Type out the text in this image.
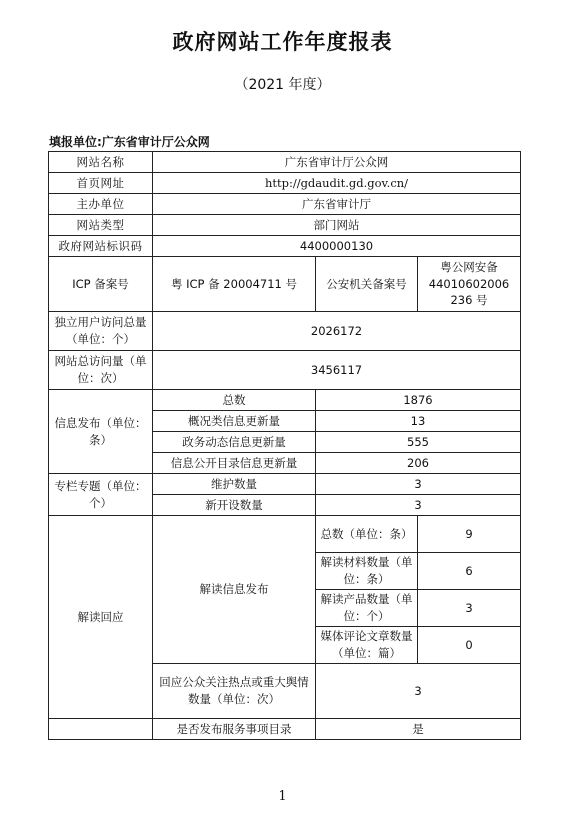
政府网站工作年度报表
（2021 年度）
填报单位:广东省审计厅公众网
网站名称	广东省审计厅公众网		
首页网址	http://gdaudit.gd.gov.cn/		
主办单位	广东省审计厅		
网站类型	部门网站		
政府网站标识码	4400000130		
ICP 备案号	粤 ICP 备 20004711 号	公安机关备案号	粤公网安备 44010602006 236 号
独立用户访问总量（单位：个）	2026172		
网站总访问量（单位：次）	3456117		
信息发布（单位：条）	总数	1876	
	概况类信息更新量	13	
	政务动态信息更新量	555	
	信息公开目录信息更新量	206	
专栏专题（单位：个）	维护数量	3	
	新开设数量	3	
解读回应	解读信息发布	总数（单位：条）	9
		解读材料数量（单位：条）	6
		解读产品数量（单位：个）	3
		媒体评论文章数量（单位：篇）	0
	回应公众关注热点或重大舆情数量（单位：次）	3	
	是否发布服务事项目录	是	
1
